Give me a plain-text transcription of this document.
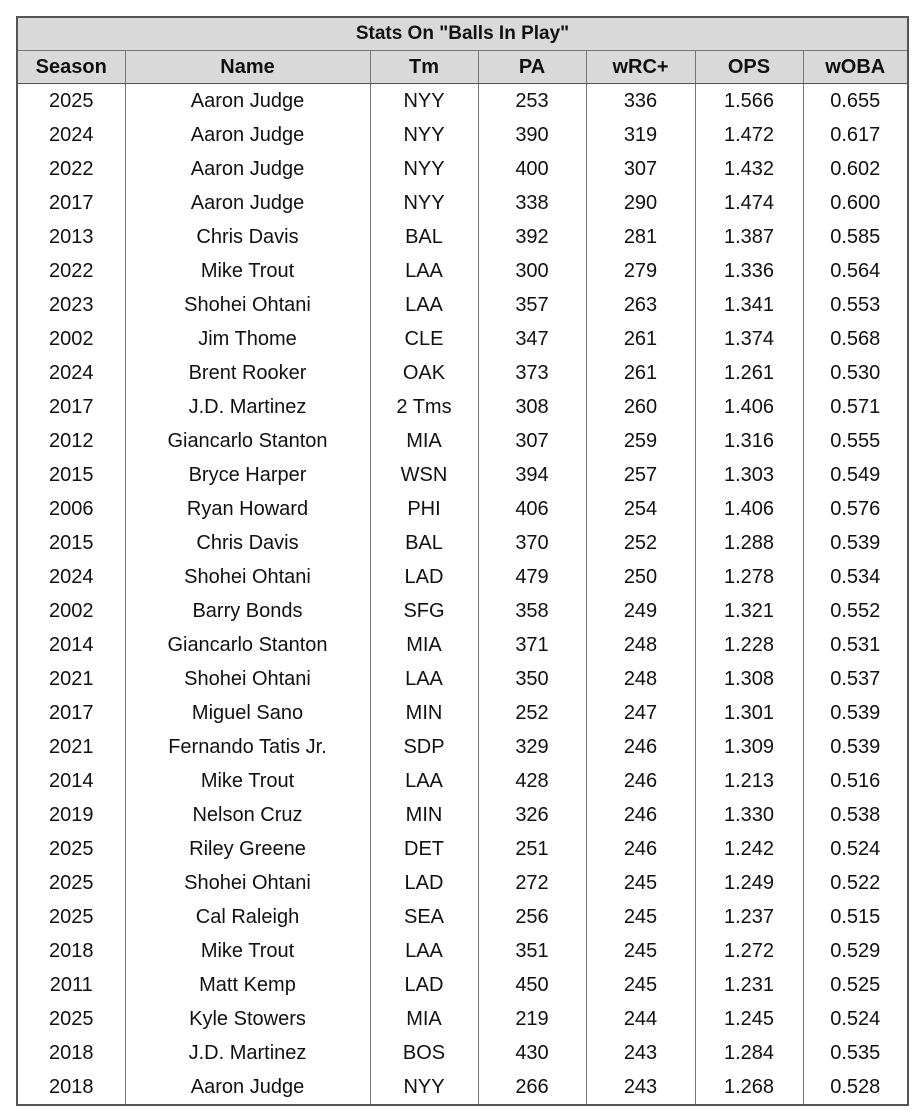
Stats On "Balls In Play"						
Season	Name	Tm	PA	wRC+	OPS	wOBA
2025	Aaron Judge	NYY	253	336	1.566	0.655
2024	Aaron Judge	NYY	390	319	1.472	0.617
2022	Aaron Judge	NYY	400	307	1.432	0.602
2017	Aaron Judge	NYY	338	290	1.474	0.600
2013	Chris Davis	BAL	392	281	1.387	0.585
2022	Mike Trout	LAA	300	279	1.336	0.564
2023	Shohei Ohtani	LAA	357	263	1.341	0.553
2002	Jim Thome	CLE	347	261	1.374	0.568
2024	Brent Rooker	OAK	373	261	1.261	0.530
2017	J.D. Martinez	2 Tms	308	260	1.406	0.571
2012	Giancarlo Stanton	MIA	307	259	1.316	0.555
2015	Bryce Harper	WSN	394	257	1.303	0.549
2006	Ryan Howard	PHI	406	254	1.406	0.576
2015	Chris Davis	BAL	370	252	1.288	0.539
2024	Shohei Ohtani	LAD	479	250	1.278	0.534
2002	Barry Bonds	SFG	358	249	1.321	0.552
2014	Giancarlo Stanton	MIA	371	248	1.228	0.531
2021	Shohei Ohtani	LAA	350	248	1.308	0.537
2017	Miguel Sano	MIN	252	247	1.301	0.539
2021	Fernando Tatis Jr.	SDP	329	246	1.309	0.539
2014	Mike Trout	LAA	428	246	1.213	0.516
2019	Nelson Cruz	MIN	326	246	1.330	0.538
2025	Riley Greene	DET	251	246	1.242	0.524
2025	Shohei Ohtani	LAD	272	245	1.249	0.522
2025	Cal Raleigh	SEA	256	245	1.237	0.515
2018	Mike Trout	LAA	351	245	1.272	0.529
2011	Matt Kemp	LAD	450	245	1.231	0.525
2025	Kyle Stowers	MIA	219	244	1.245	0.524
2018	J.D. Martinez	BOS	430	243	1.284	0.535
2018	Aaron Judge	NYY	266	243	1.268	0.528
